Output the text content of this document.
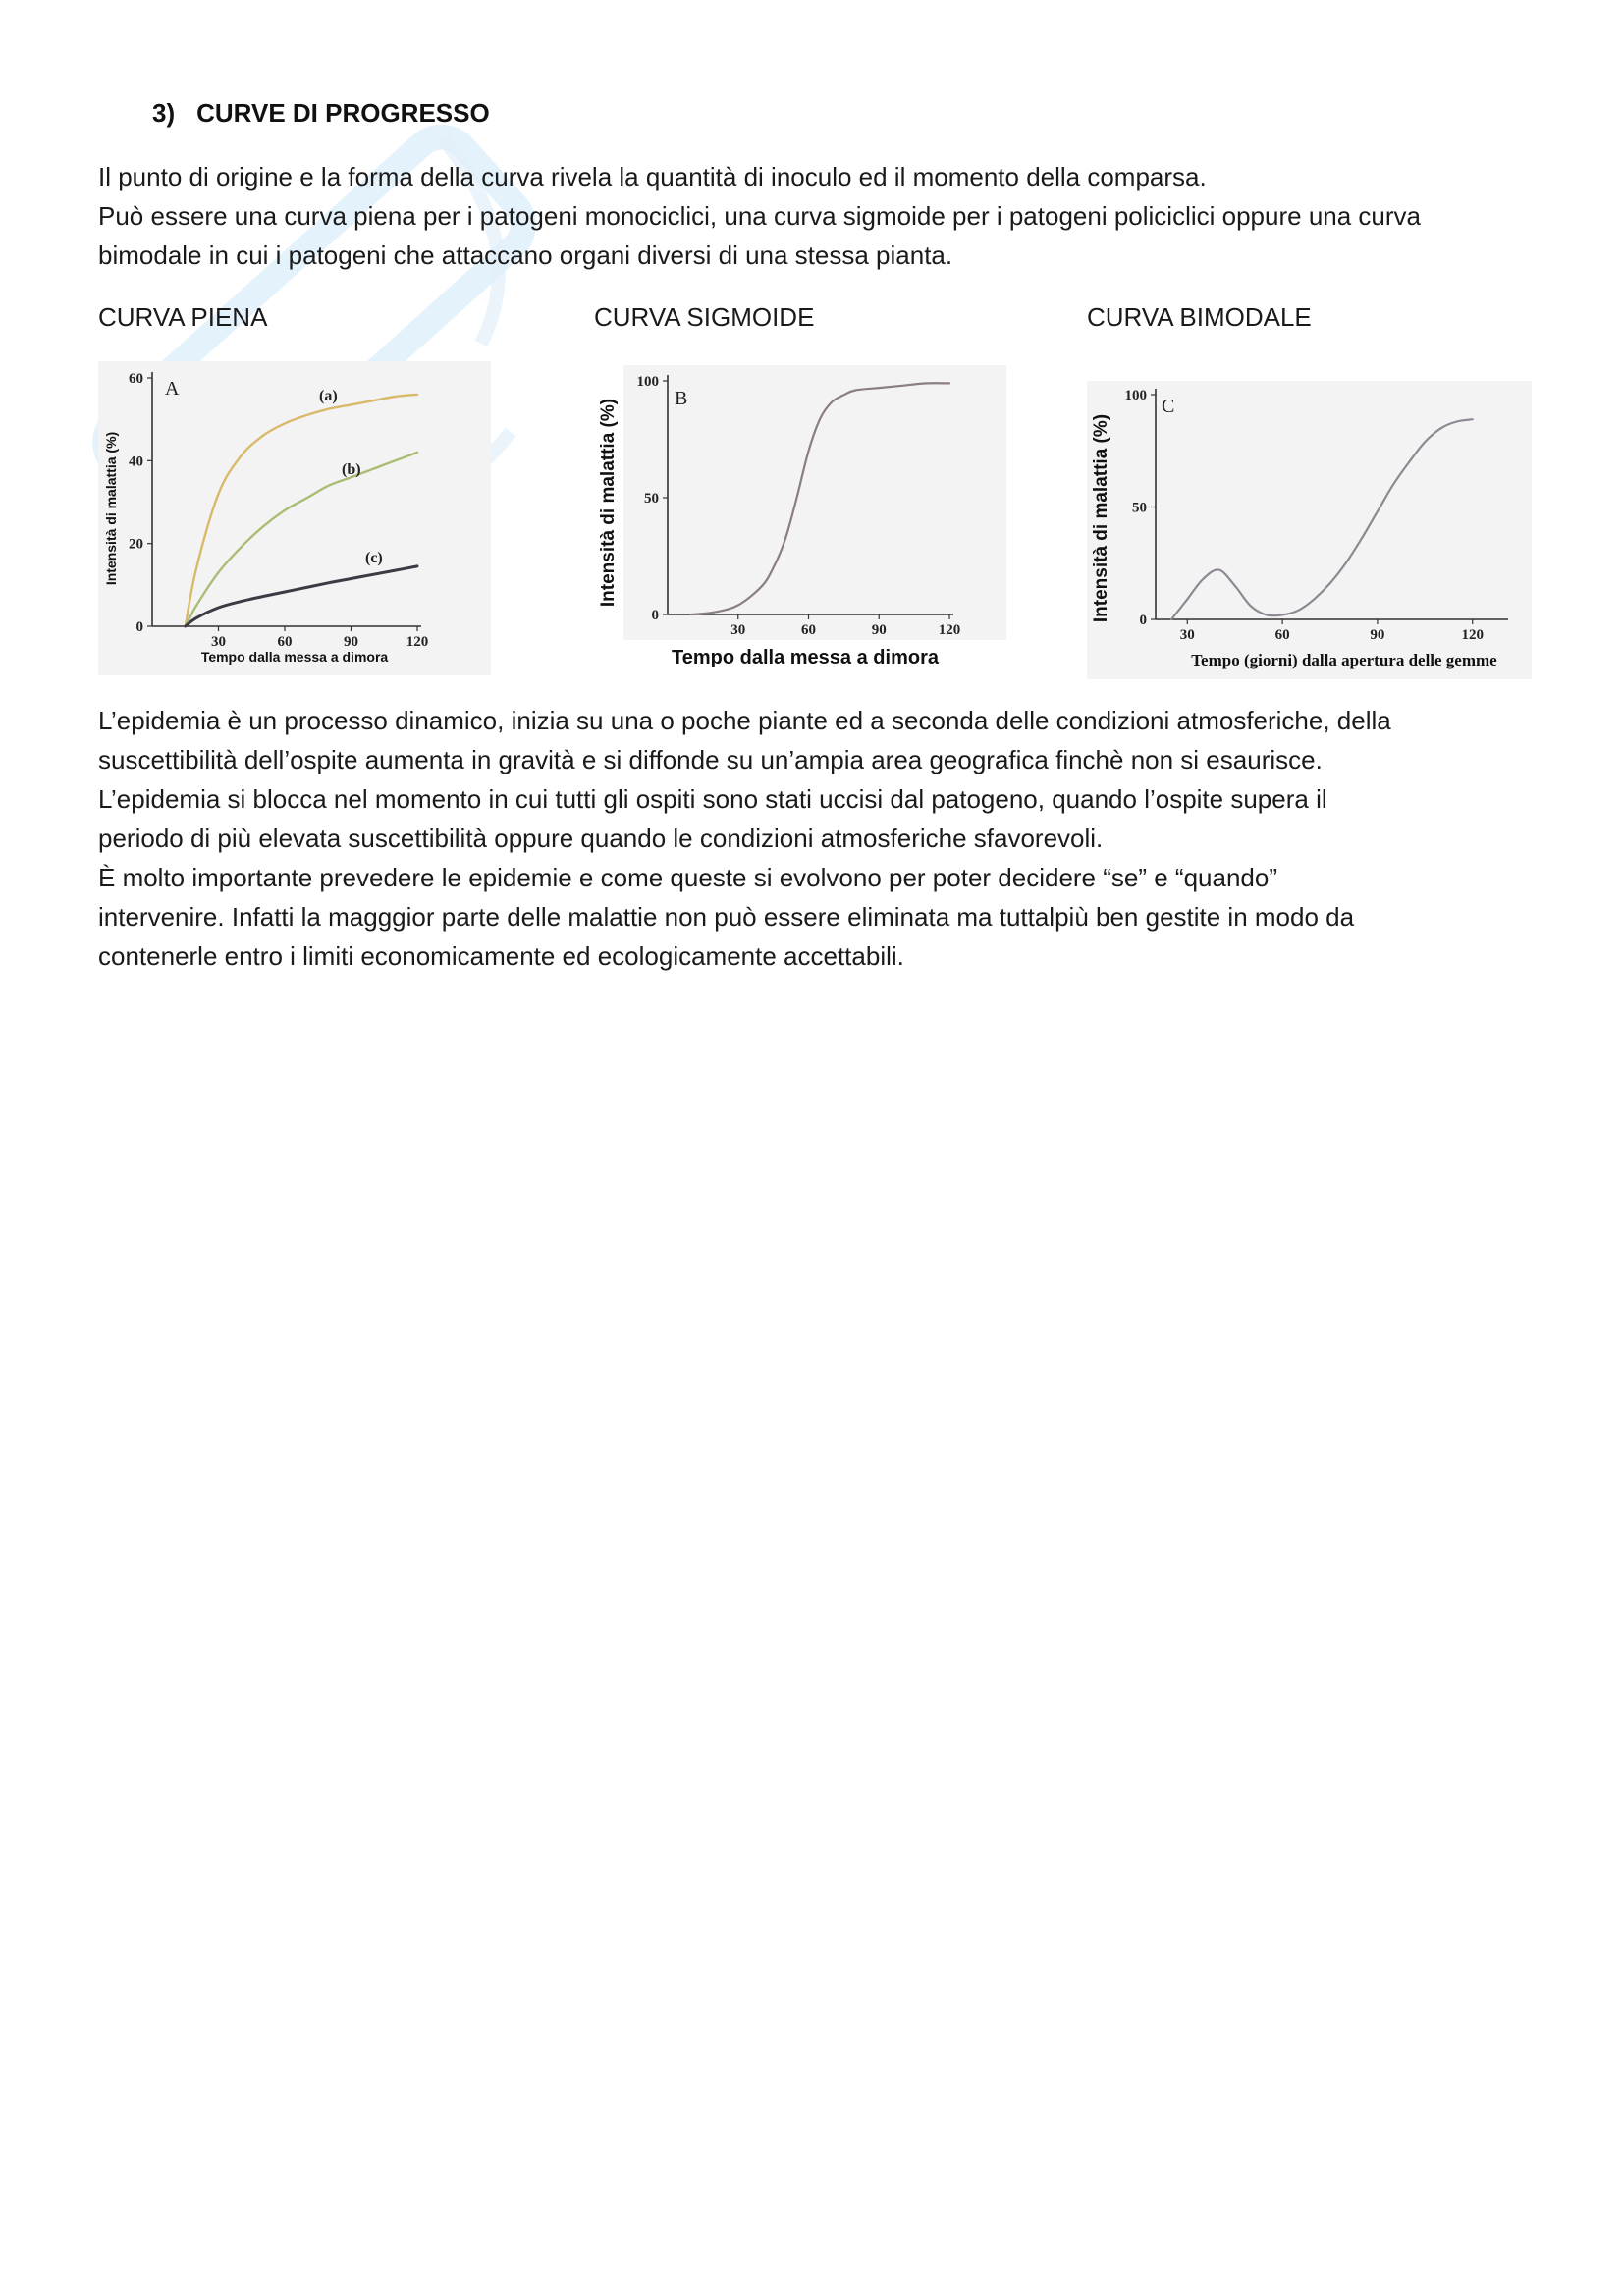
3) CURVE DI PROGRESSO

Il punto di origine e la forma della curva rivela la quantità di inoculo ed il momento della comparsa.
Può essere una curva piena per i patogeni monociclici, una curva sigmoide per i patogeni policiclici oppure una curva
bimodale in cui i patogeni che attaccano organi diversi di una stessa pianta.

CURVA PIENA	CURVA SIGMOIDE	CURVA BIMODALE

30	60	90	120
0
20
40
60 A	(a)
(b)
(c)
Tempo dalla messa a dimora
Intensità di malattia (%)
30	60	90	120
0
50
100
B
Tempo dalla messa a dimora
Intensità di malattia (%)
30	60	90	120
0
50
100 C
Tempo (giorni) dalla apertura delle gemme
Intensità di malattia (%)

L’epidemia è un processo dinamico, inizia su una o poche piante ed a seconda delle condizioni atmosferiche, della
suscettibilità dell’ospite aumenta in gravità e si diffonde su un’ampia area geografica finchè non si esaurisce.
L’epidemia si blocca nel momento in cui tutti gli ospiti sono stati uccisi dal patogeno, quando l’ospite supera il
periodo di più elevata suscettibilità oppure quando le condizioni atmosferiche sfavorevoli.
È molto importante prevedere le epidemie e come queste si evolvono per poter decidere “se” e “quando”
intervenire. Infatti la magggior parte delle malattie non può essere eliminata ma tuttalpiù ben gestite in modo da
contenerle entro i limiti economicamente ed ecologicamente accettabili.
